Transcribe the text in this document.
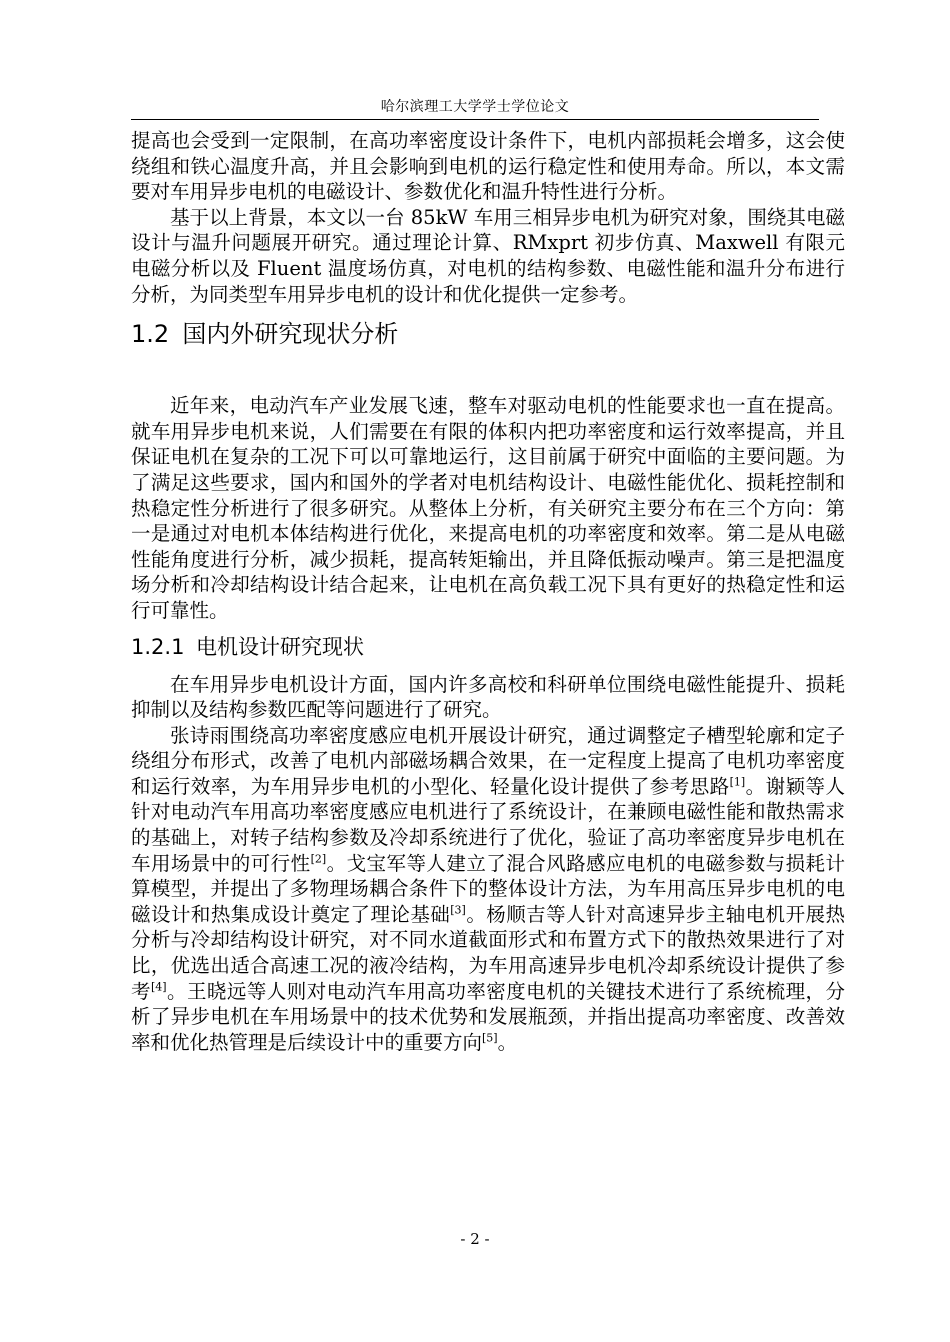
哈尔滨理工大学学士学位论文

提高也会受到一定限制，在高功率密度设计条件下，电机内部损耗会增多，这会使绕组和铁心温度升高，并且会影响到电机的运行稳定性和使用寿命。所以，本文需要对车用异步电机的电磁设计、参数优化和温升特性进行分析。

基于以上背景，本文以一台 85kW 车用三相异步电机为研究对象，围绕其电磁设计与温升问题展开研究。通过理论计算、RMxprt 初步仿真、Maxwell 有限元电磁分析以及 Fluent 温度场仿真，对电机的结构参数、电磁性能和温升分布进行分析，为同类型车用异步电机的设计和优化提供一定参考。

1.2 国内外研究现状分析

近年来，电动汽车产业发展飞速，整车对驱动电机的性能要求也一直在提高。就车用异步电机来说，人们需要在有限的体积内把功率密度和运行效率提高，并且保证电机在复杂的工况下可以可靠地运行，这目前属于研究中面临的主要问题。为了满足这些要求，国内和国外的学者对电机结构设计、电磁性能优化、损耗控制和热稳定性分析进行了很多研究。从整体上分析，有关研究主要分布在三个方向：第一是通过对电机本体结构进行优化，来提高电机的功率密度和效率。第二是从电磁性能角度进行分析，减少损耗，提高转矩输出，并且降低振动噪声。第三是把温度场分析和冷却结构设计结合起来，让电机在高负载工况下具有更好的热稳定性和运行可靠性。

1.2.1 电机设计研究现状

在车用异步电机设计方面，国内许多高校和科研单位围绕电磁性能提升、损耗抑制以及结构参数匹配等问题进行了研究。

张诗雨围绕高功率密度感应电机开展设计研究，通过调整定子槽型轮廓和定子绕组分布形式，改善了电机内部磁场耦合效果，在一定程度上提高了电机功率密度和运行效率，为车用异步电机的小型化、轻量化设计提供了参考思路[1]。谢颖等人针对电动汽车用高功率密度感应电机进行了系统设计，在兼顾电磁性能和散热需求的基础上，对转子结构参数及冷却系统进行了优化，验证了高功率密度异步电机在车用场景中的可行性[2]。戈宝军等人建立了混合风路感应电机的电磁参数与损耗计算模型，并提出了多物理场耦合条件下的整体设计方法，为车用高压异步电机的电磁设计和热集成设计奠定了理论基础[3]。杨顺吉等人针对高速异步主轴电机开展热分析与冷却结构设计研究，对不同水道截面形式和布置方式下的散热效果进行了对比，优选出适合高速工况的液冷结构，为车用高速异步电机冷却系统设计提供了参考[4]。王晓远等人则对电动汽车用高功率密度电机的关键技术进行了系统梳理，分析了异步电机在车用场景中的技术优势和发展瓶颈，并指出提高功率密度、改善效率和优化热管理是后续设计中的重要方向[5]。

- 2 -
